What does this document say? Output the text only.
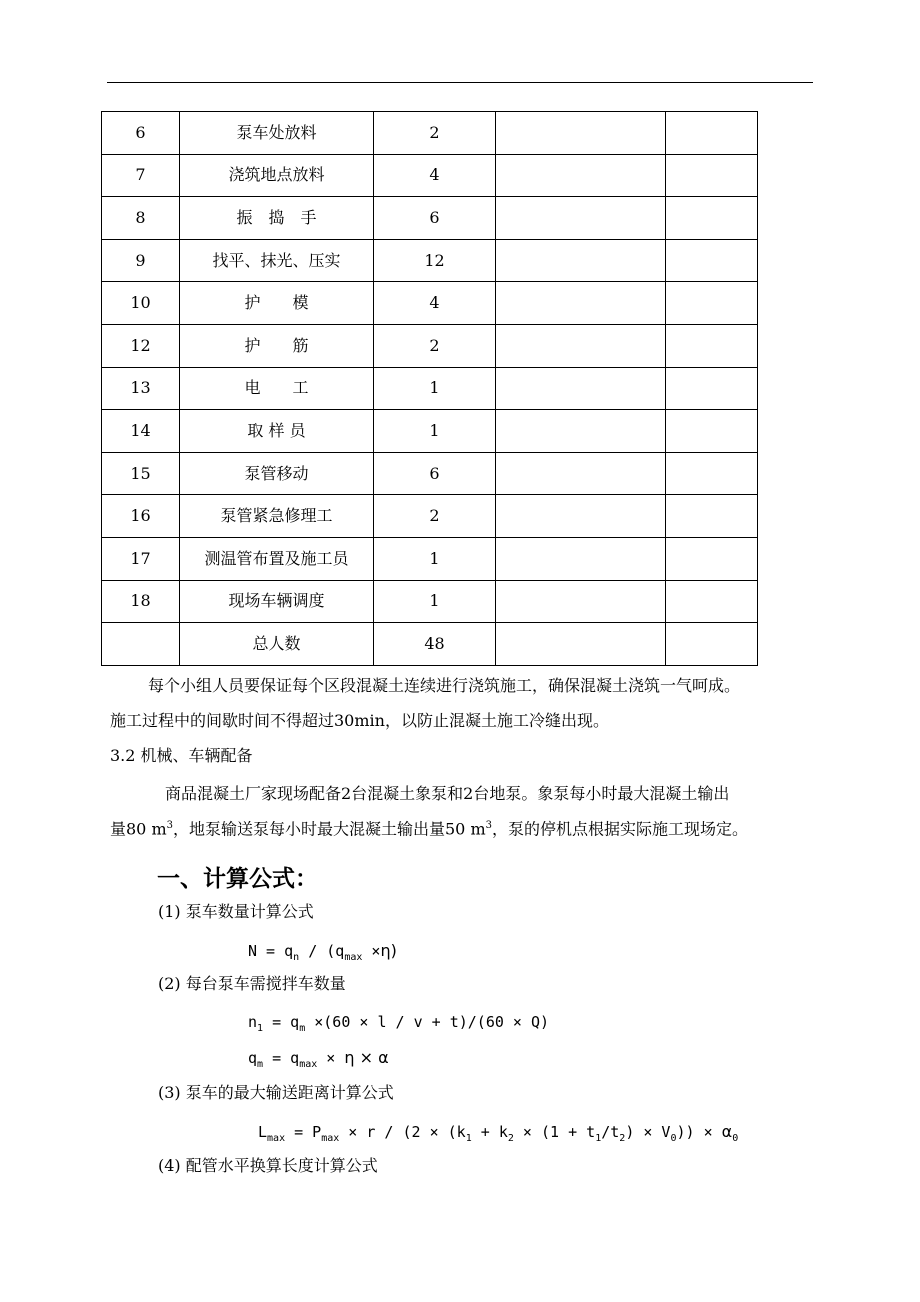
6	泵车处放料	2		
7	浇筑地点放料	4		
8	振　捣　手	6		
9	找平、抹光、压实	12		
10	护　　模	4		
12	护　　筋	2		
13	电　　工	1		
14	取 样 员	1		
15	泵管移动	6		
16	泵管紧急修理工	2		
17	测温管布置及施工员	1		
18	现场车辆调度	1		
	总人数	48		
每个小组人员要保证每个区段混凝土连续进行浇筑施工，确保混凝土浇筑一气呵成。
施工过程中的间歇时间不得超过30min，以防止混凝土施工冷缝出现。
3.2 机械、车辆配备
商品混凝土厂家现场配备2台混凝土象泵和2台地泵。象泵每小时最大混凝土输出
量80 $m^3$，地泵输送泵每小时最大混凝土输出量50 $m^3$，泵的停机点根据实际施工现场定。
一、计算公式：
(1) 泵车数量计算公式
$N = q_n / (q_{max} \times\eta)$
(2) 每台泵车需搅拌车数量
$n_1 = q_m \times(60 \times l / v + t)/(60 \times Q)$
$q_m = q_{max} \times \eta \times \alpha$
(3) 泵车的最大输送距离计算公式
$L_{max} = P_{max} \times r / (2 \times (k_1 + k_2 \times (1 + t_1/t_2) \times V_0)) \times \alpha_0$
(4) 配管水平换算长度计算公式
